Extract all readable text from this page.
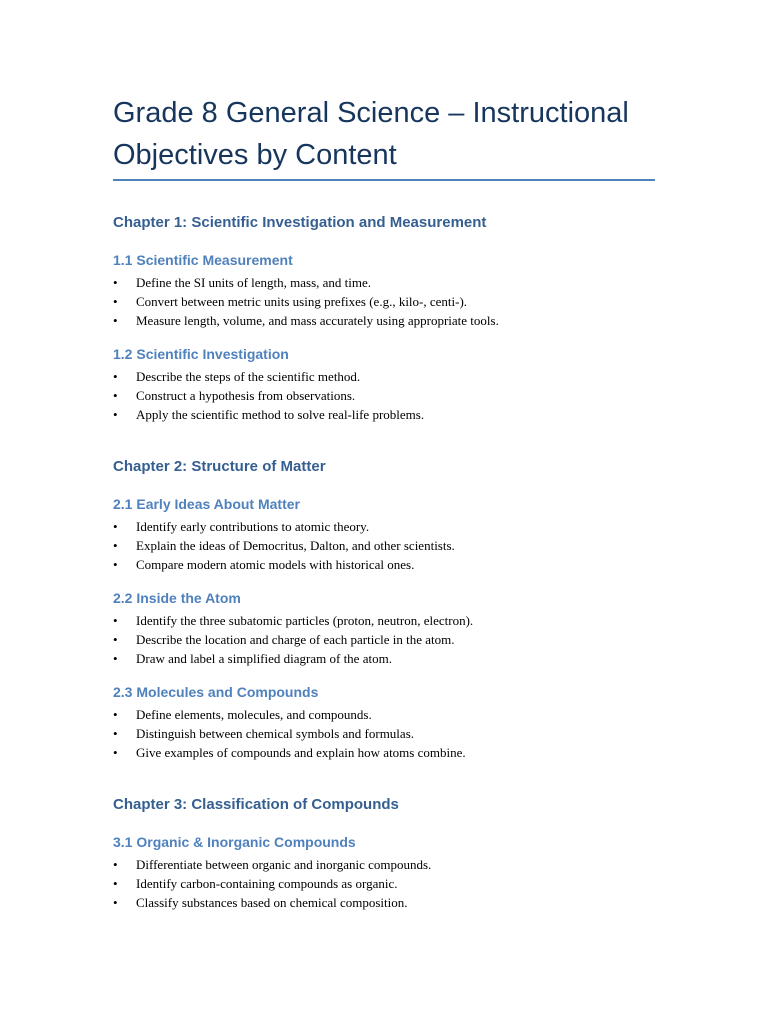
Grade 8 General Science – Instructional Objectives by Content
Chapter 1: Scientific Investigation and Measurement
1.1 Scientific Measurement
• Define the SI units of length, mass, and time.
• Convert between metric units using prefixes (e.g., kilo-, centi-).
• Measure length, volume, and mass accurately using appropriate tools.
1.2 Scientific Investigation
• Describe the steps of the scientific method.
• Construct a hypothesis from observations.
• Apply the scientific method to solve real-life problems.
Chapter 2: Structure of Matter
2.1 Early Ideas About Matter
• Identify early contributions to atomic theory.
• Explain the ideas of Democritus, Dalton, and other scientists.
• Compare modern atomic models with historical ones.
2.2 Inside the Atom
• Identify the three subatomic particles (proton, neutron, electron).
• Describe the location and charge of each particle in the atom.
• Draw and label a simplified diagram of the atom.
2.3 Molecules and Compounds
• Define elements, molecules, and compounds.
• Distinguish between chemical symbols and formulas.
• Give examples of compounds and explain how atoms combine.
Chapter 3: Classification of Compounds
3.1 Organic & Inorganic Compounds
• Differentiate between organic and inorganic compounds.
• Identify carbon-containing compounds as organic.
• Classify substances based on chemical composition.
